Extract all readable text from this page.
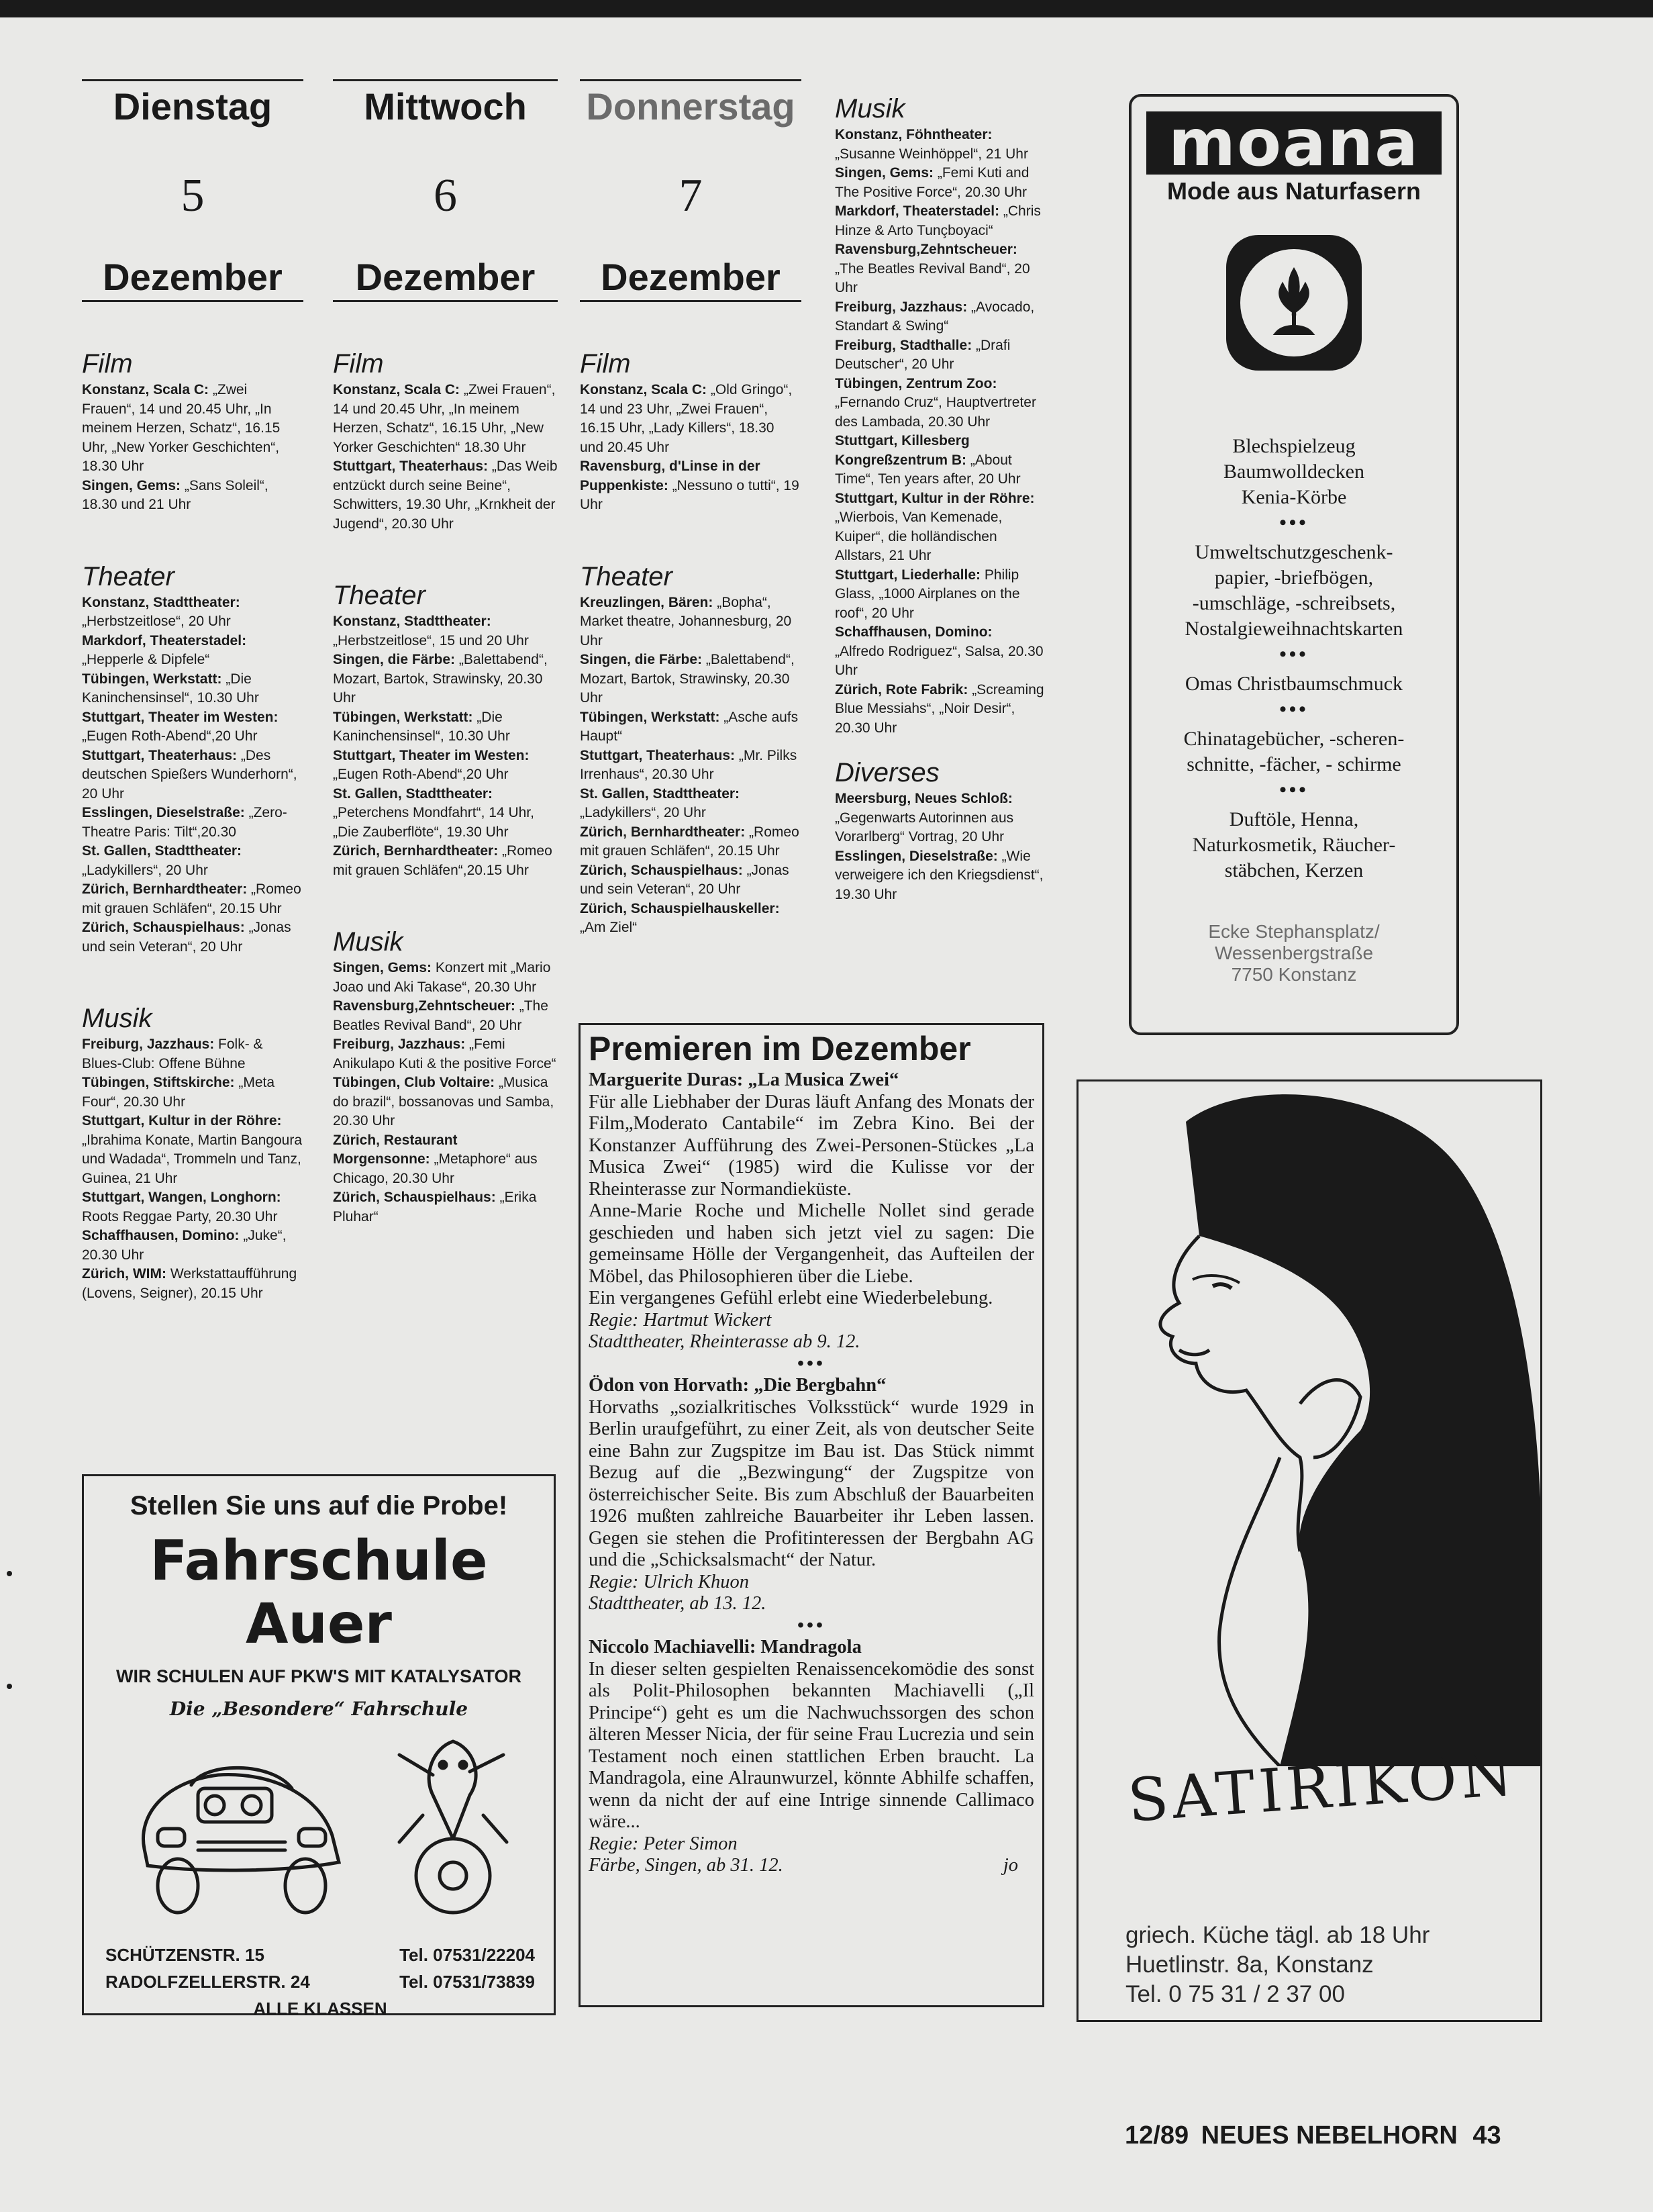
Dienstag
5
Dezember
Film
Konstanz, Scala C: „Zwei Frauen“, 14 und 20.45 Uhr, „In meinem Herzen, Schatz“, 16.15 Uhr, „New Yorker Geschichten“, 18.30 Uhr
Singen, Gems: „Sans Soleil“, 18.30 und 21 Uhr
Theater
Konstanz, Stadttheater: „Herbstzeitlose“, 20 Uhr
Markdorf, Theaterstadel: „Hepperle & Dipfele“
Tübingen, Werkstatt: „Die Kaninchensinsel“, 10.30 Uhr
Stuttgart, Theater im Westen: „Eugen Roth-Abend“,20 Uhr
Stuttgart, Theaterhaus: „Des deutschen Spießers Wunderhorn“, 20 Uhr
Esslingen, Dieselstraße: „Zero-Theatre Paris: Tilt“,20.30
St. Gallen, Stadttheater: „Ladykillers“, 20 Uhr
Zürich, Bernhardtheater: „Romeo mit grauen Schläfen“, 20.15 Uhr
Zürich, Schauspielhaus: „Jonas und sein Veteran“, 20 Uhr
Musik
Freiburg, Jazzhaus: Folk- & Blues-Club: Offene Bühne
Tübingen, Stiftskirche: „Meta Four“, 20.30 Uhr
Stuttgart, Kultur in der Röhre: „Ibrahima Konate, Martin Bangoura und Wadada“, Trommeln und Tanz, Guinea, 21 Uhr
Stuttgart, Wangen, Longhorn: Roots Reggae Party, 20.30 Uhr
Schaffhausen, Domino: „Juke“, 20.30 Uhr
Zürich, WIM: Werkstattaufführung (Lovens, Seigner), 20.15 Uhr
Mittwoch
6
Dezember
Film
Konstanz, Scala C: „Zwei Frauen“, 14 und 20.45 Uhr, „In meinem Herzen, Schatz“, 16.15 Uhr, „New Yorker Geschichten“ 18.30 Uhr
Stuttgart, Theaterhaus: „Das Weib entzückt durch seine Beine“, Schwitters, 19.30 Uhr, „Krnkheit der Jugend“, 20.30 Uhr
Theater
Konstanz, Stadttheater: „Herbstzeitlose“, 15 und 20 Uhr
Singen, die Färbe: „Balettabend“, Mozart, Bartok, Strawinsky, 20.30 Uhr
Tübingen, Werkstatt: „Die Kaninchensinsel“, 10.30 Uhr
Stuttgart, Theater im Westen: „Eugen Roth-Abend“,20 Uhr
St. Gallen, Stadttheater: „Peterchens Mondfahrt“, 14 Uhr, „Die Zauberflöte“, 19.30 Uhr
Zürich, Bernhardtheater: „Romeo mit grauen Schläfen“,20.15 Uhr
Musik
Singen, Gems: Konzert mit „Mario Joao und Aki Takase“, 20.30 Uhr
Ravensburg,Zehntscheuer: „The Beatles Revival Band“, 20 Uhr
Freiburg, Jazzhaus: „Femi Anikulapo Kuti & the positive Force“
Tübingen, Club Voltaire: „Musica do brazil“, bossanovas und Samba, 20.30 Uhr
Zürich, Restaurant Morgensonne: „Metaphore“ aus Chicago, 20.30 Uhr
Zürich, Schauspielhaus: „Erika Pluhar“
Donnerstag
7
Dezember
Film
Konstanz, Scala C: „Old Gringo“, 14 und 23 Uhr, „Zwei Frauen“, 16.15 Uhr, „Lady Killers“, 18.30 und 20.45 Uhr
Ravensburg, d'Linse in der Puppenkiste: „Nessuno o tutti“, 19 Uhr
Theater
Kreuzlingen, Bären: „Bopha“, Market theatre, Johannesburg, 20 Uhr
Singen, die Färbe: „Balettabend“, Mozart, Bartok, Strawinsky, 20.30 Uhr
Tübingen, Werkstatt: „Asche aufs Haupt“
Stuttgart, Theaterhaus: „Mr. Pilks Irrenhaus“, 20.30 Uhr
St. Gallen, Stadttheater: „Ladykillers“, 20 Uhr
Zürich, Bernhardtheater: „Romeo mit grauen Schläfen“, 20.15 Uhr
Zürich, Schauspielhaus: „Jonas und sein Veteran“, 20 Uhr
Zürich, Schauspielhauskeller: „Am Ziel“
Musik
Konstanz, Föhntheater: „Susanne Weinhöppel“, 21 Uhr
Singen, Gems: „Femi Kuti and The Positive Force“, 20.30 Uhr
Markdorf, Theaterstadel: „Chris Hinze & Arto Tunçboyaci“
Ravensburg,Zehntscheuer: „The Beatles Revival Band“, 20 Uhr
Freiburg, Jazzhaus: „Avocado, Standart & Swing“
Freiburg, Stadthalle: „Drafi Deutscher“, 20 Uhr
Tübingen, Zentrum Zoo: „Fernando Cruz“, Hauptvertreter des Lambada, 20.30 Uhr
Stuttgart, Killesberg Kongreßzentrum B: „About Time“, Ten years after, 20 Uhr
Stuttgart, Kultur in der Röhre: „Wierbois, Van Kemenade, Kuiper“, die holländischen Allstars, 21 Uhr
Stuttgart, Liederhalle: Philip Glass, „1000 Airplanes on the roof“, 20 Uhr
Schaffhausen, Domino: „Alfredo Rodriguez“, Salsa, 20.30 Uhr
Zürich, Rote Fabrik: „Screaming Blue Messiahs“, „Noir Desir“, 20.30 Uhr
Diverses
Meersburg, Neues Schloß: „Gegenwarts Autorinnen aus Vorarlberg“ Vortrag, 20 Uhr
Esslingen, Dieselstraße: „Wie verweigere ich den Kriegsdienst“, 19.30 Uhr
moana
Mode aus Naturfasern
Blechspielzeug
Baumwolldecken
Kenia-Körbe
•••
Umweltschutzgeschenk-
papier, -briefbögen,
-umschläge, -schreibsets,
Nostalgieweihnachtskarten
•••
Omas Christbaumschmuck
•••
Chinatagebücher, -scheren-
schnitte, -fächer, - schirme
•••
Duftöle, Henna,
Naturkosmetik, Räucher-
stäbchen, Kerzen
Ecke Stephansplatz/
Wessenbergstraße
7750 Konstanz
Premieren im Dezember
Marguerite Duras: „La Musica Zwei“
Für alle Liebhaber der Duras läuft Anfang des Monats der Film„Moderato Cantabile“ im Zebra Kino. Bei der Konstanzer Aufführung des Zwei-Personen-Stückes „La Musica Zwei“ (1985) wird die Kulisse vor der Rheinterasse zur Normandieküste.
Anne-Marie Roche und Michelle Nollet sind gerade geschieden und haben sich jetzt viel zu sagen: Die gemeinsame Hölle der Vergangenheit, das Aufteilen der Möbel, das Philosophieren über die Liebe.
Ein vergangenes Gefühl erlebt eine Wiederbelebung.
Regie: Hartmut Wickert
Stadttheater, Rheinterasse ab 9. 12.
•••
Ödon von Horvath: „Die Bergbahn“
Horvaths „sozialkritisches Volksstück“ wurde 1929 in Berlin uraufgeführt, zu einer Zeit, als von deutscher Seite eine Bahn zur Zugspitze im Bau ist. Das Stück nimmt Bezug auf die „Bezwingung“ der Zugspitze von österreichischer Seite. Bis zum Abschluß der Bauarbeiten 1926 mußten zahlreiche Bauarbeiter ihr Leben lassen. Gegen sie stehen die Profitinteressen der Bergbahn AG und die „Schicksalsmacht“ der Natur.
Regie: Ulrich Khuon
Stadttheater, ab 13. 12.
•••
Niccolo Machiavelli: Mandragola
In dieser selten gespielten Renaissencekomödie des sonst als Polit-Philosophen bekannten Machiavelli („Il Principe“) geht es um die Nachwuchssorgen des schon älteren Messer Nicia, der für seine Frau Lucrezia und sein Testament noch einen stattlichen Erben braucht. La Mandragola, eine Alraunwurzel, könnte Abhilfe schaffen, wenn da nicht der auf eine Intrige sinnende Callimaco wäre...
Regie: Peter Simon
Färbe, Singen, ab 31. 12.	jo
Stellen Sie uns auf die Probe!
Fahrschule
Auer
WIR SCHULEN AUF PKW'S MIT KATALYSATOR
Die „Besondere“ Fahrschule
SCHÜTZENSTR. 15	Tel. 07531/22204
RADOLFZELLERSTR. 24	Tel. 07531/73839
ALLE KLASSEN
SATIRIKON
griech. Küche tägl. ab 18 Uhr
Huetlinstr. 8a, Konstanz
Tel. 0 75 31 / 2 37 00
12/89 NEUES NEBELHORN 43
